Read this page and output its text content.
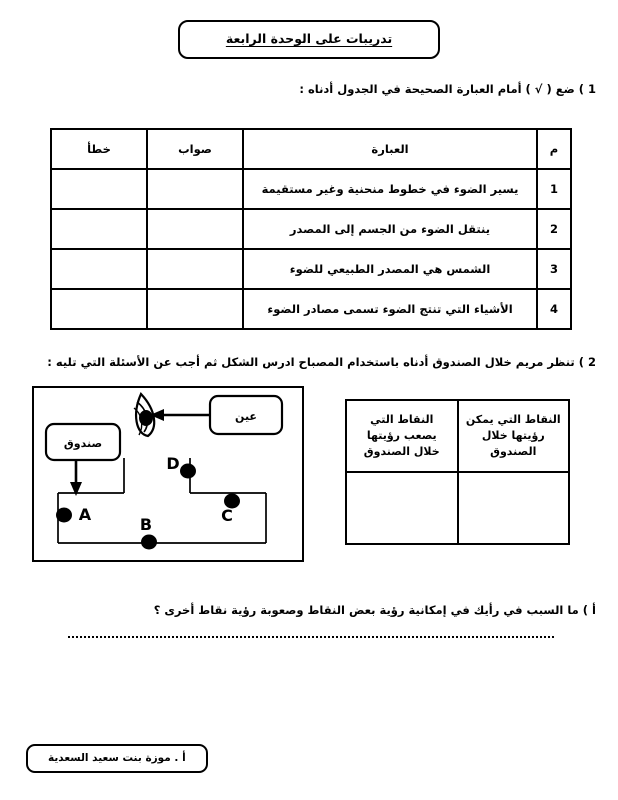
تدريبات على الوحدة الرابعة
1 ) ضع ( √ ) أمام العبارة الصحيحة في الجدول أدناه :
م	العبارة	صواب	خطأ
1	يسير الضوء في خطوط منحنية وغير مستقيمة		
2	ينتقل الضوء من الجسم إلى المصدر		
3	الشمس هي المصدر الطبيعي للضوء		
4	الأشياء التي تنتج الضوء تسمى مصادر الضوء		
2 ) تنظر مريم خلال الصندوق أدناه باستخدام المصباح ادرس الشكل ثم أجب عن الأسئلة التي تليه :
A
B	C
D
عين
صندوق
النقاط التي يمكن رؤيتها خلال الصندوق	النقاط التي يصعب رؤيتها خلال الصندوق

أ ) ما السبب في رأيك في إمكانية رؤية بعض النقاط وصعوبة رؤية نقاط أخرى ؟
أ . موزة بنت سعيد السعدية
